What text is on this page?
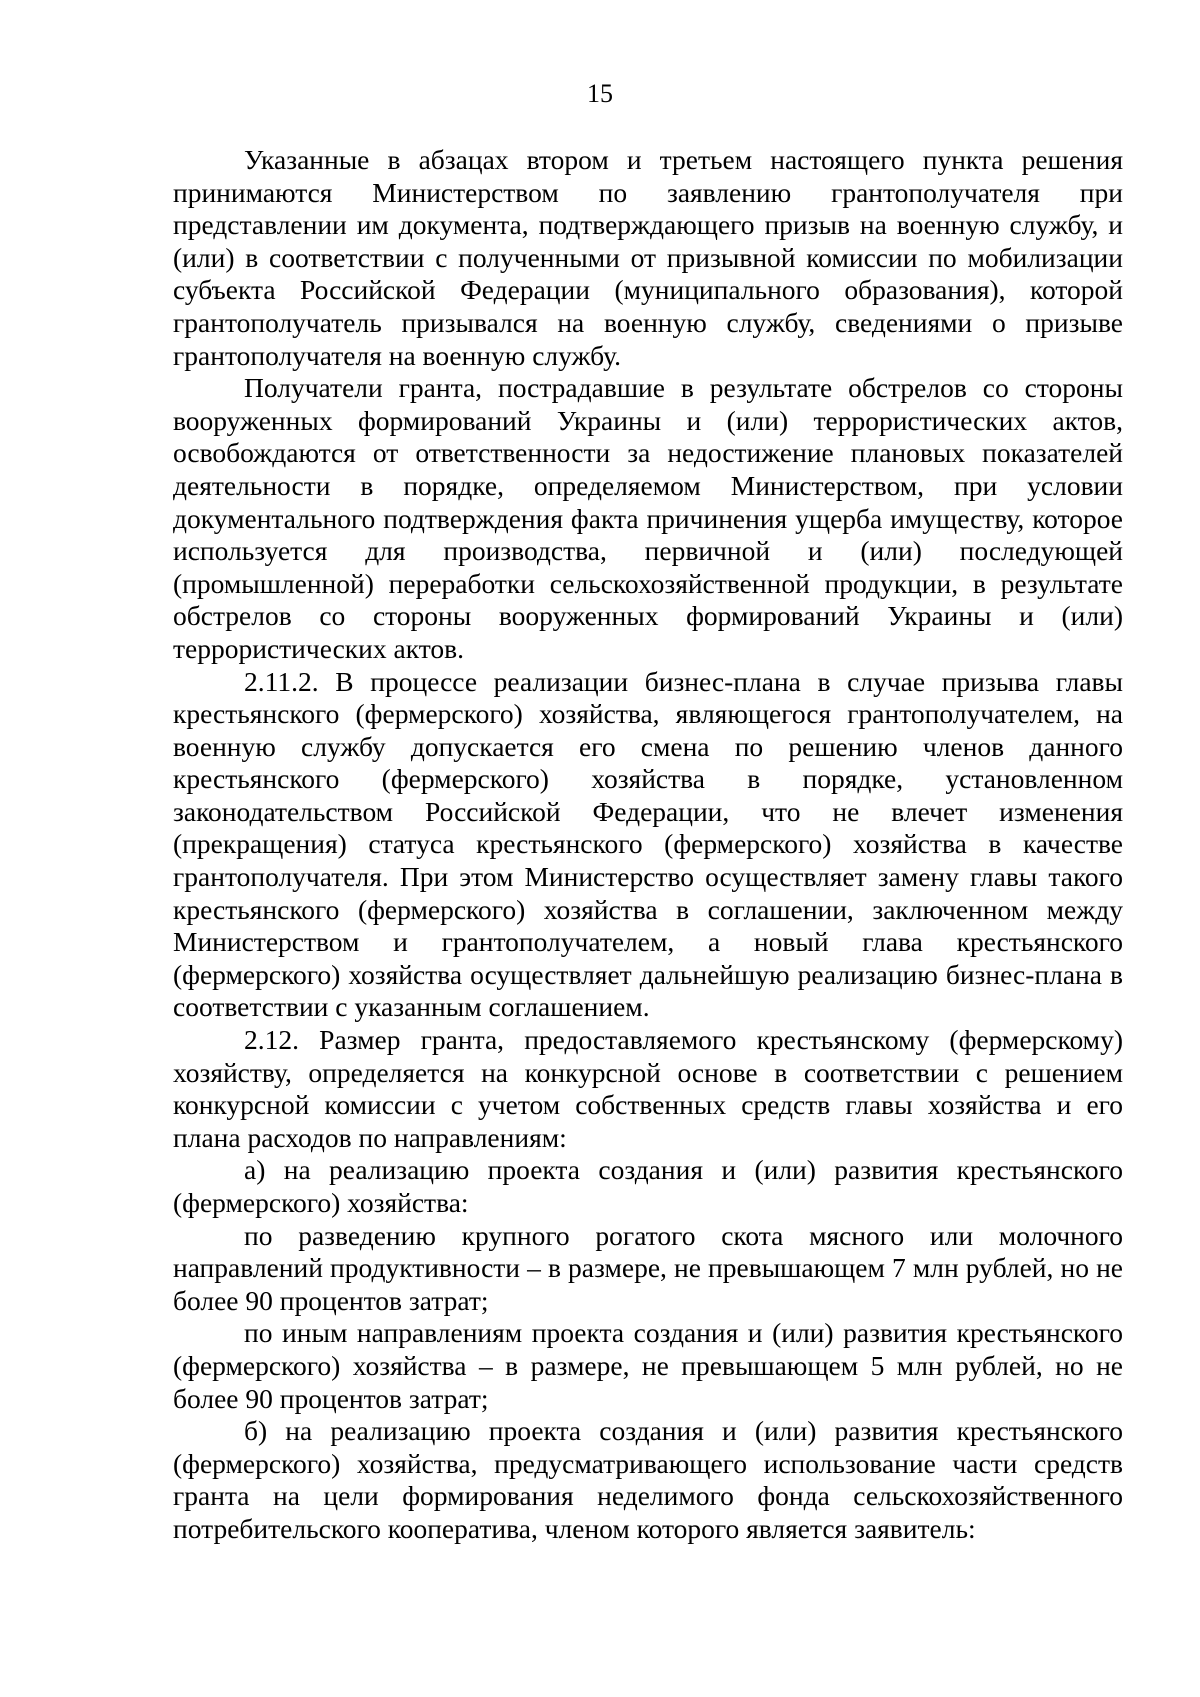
15

Указанные в абзацах втором и третьем настоящего пункта решения принимаются Министерством по заявлению грантополучателя при представлении им документа, подтверждающего призыв на военную службу, и (или) в соответствии с полученными от призывной комиссии по мобилизации субъекта Российской Федерации (муниципального образования), которой грантополучатель призывался на военную службу, сведениями о призыве грантополучателя на военную службу.

Получатели гранта, пострадавшие в результате обстрелов со стороны вооруженных формирований Украины и (или) террористических актов, освобождаются от ответственности за недостижение плановых показателей деятельности в порядке, определяемом Министерством, при условии документального подтверждения факта причинения ущерба имуществу, которое используется для производства, первичной и (или) последующей (промышленной) переработки сельскохозяйственной продукции, в результате обстрелов со стороны вооруженных формирований Украины и (или) террористических актов.

2.11.2. В процессе реализации бизнес-плана в случае призыва главы крестьянского (фермерского) хозяйства, являющегося грантополучателем, на военную службу допускается его смена по решению членов данного крестьянского (фермерского) хозяйства в порядке, установленном законодательством Российской Федерации, что не влечет изменения (прекращения) статуса крестьянского (фермерского) хозяйства в качестве грантополучателя. При этом Министерство осуществляет замену главы такого крестьянского (фермерского) хозяйства в соглашении, заключенном между Министерством и грантополучателем, а новый глава крестьянского (фермерского) хозяйства осуществляет дальнейшую реализацию бизнес-плана в соответствии с указанным соглашением.

2.12. Размер гранта, предоставляемого крестьянскому (фермерскому) хозяйству, определяется на конкурсной основе в соответствии с решением конкурсной комиссии с учетом собственных средств главы хозяйства и его плана расходов по направлениям:

а) на реализацию проекта создания и (или) развития крестьянского (фермерского) хозяйства:

по разведению крупного рогатого скота мясного или молочного направлений продуктивности – в размере, не превышающем 7 млн рублей, но не более 90 процентов затрат;

по иным направлениям проекта создания и (или) развития крестьянского (фермерского) хозяйства – в размере, не превышающем 5 млн рублей, но не более 90 процентов затрат;

б) на реализацию проекта создания и (или) развития крестьянского (фермерского) хозяйства, предусматривающего использование части средств гранта на цели формирования неделимого фонда сельскохозяйственного потребительского кооператива, членом которого является заявитель:
